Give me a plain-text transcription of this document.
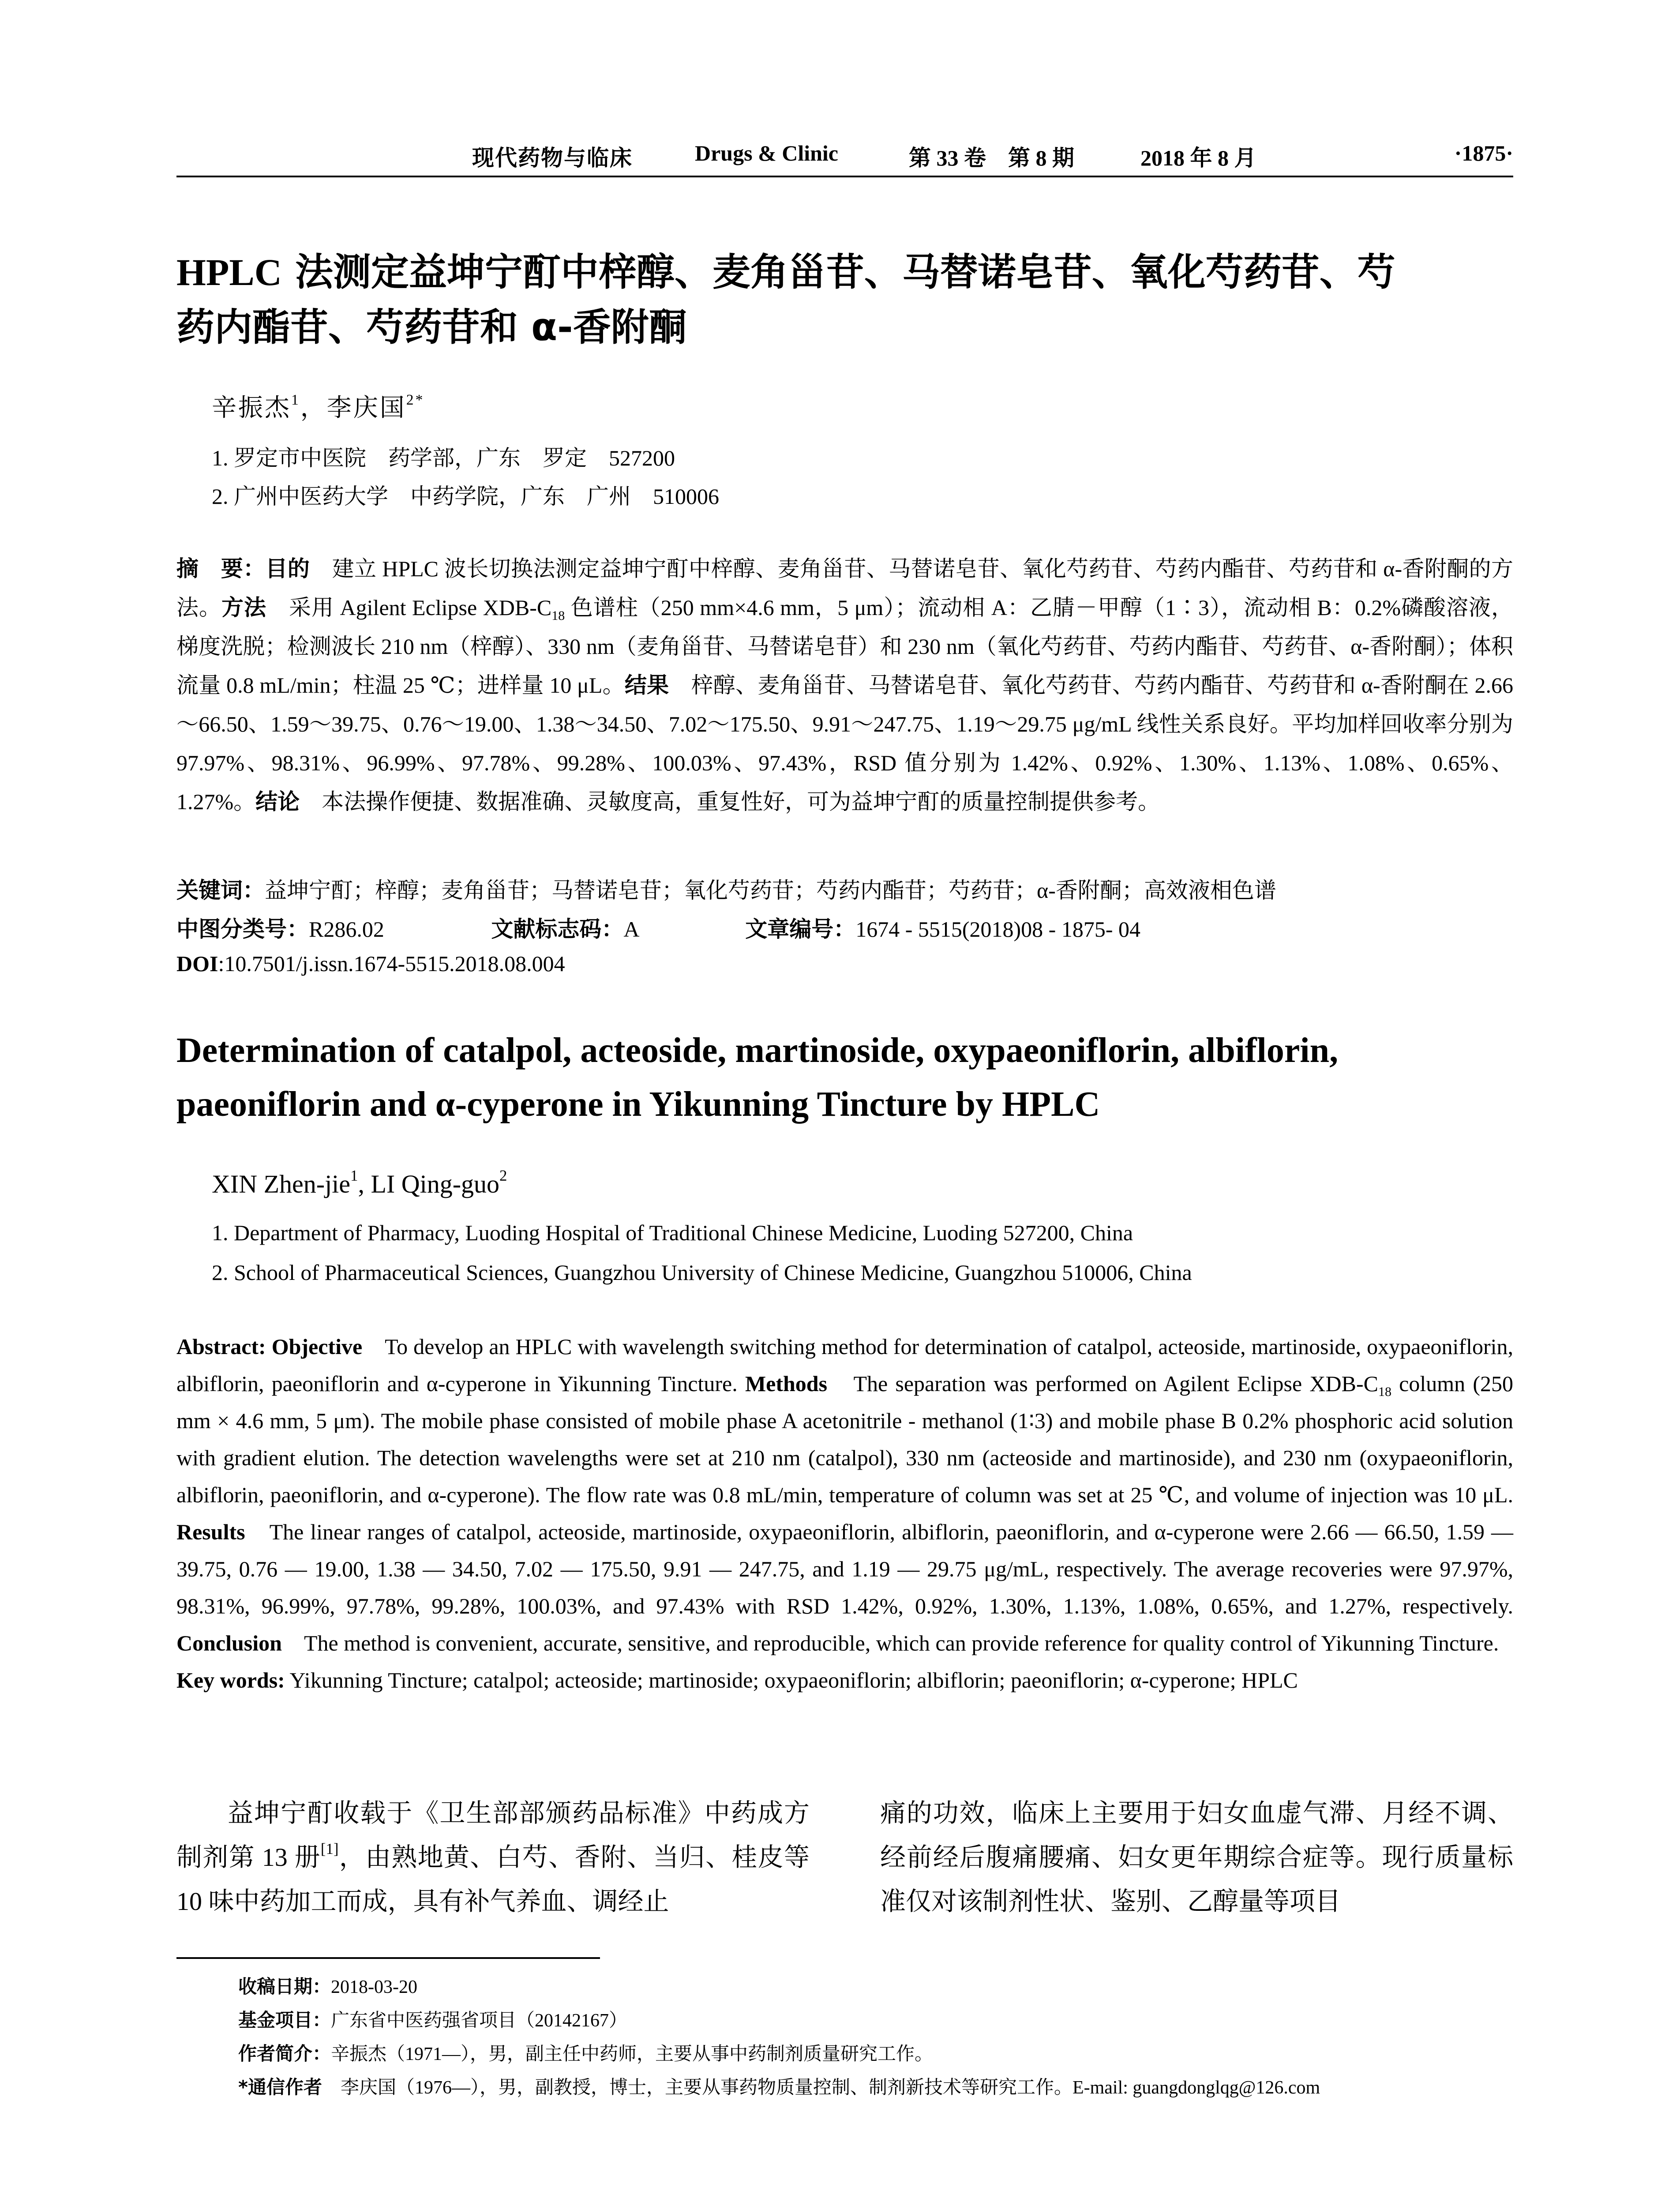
现代药物与临床	Drugs & Clinic	第 33 卷　第 8 期	2018 年 8 月	·1875·
HPLC 法测定益坤宁酊中梓醇、麦角甾苷、马替诺皂苷、氧化芍药苷、芍
药内酯苷、芍药苷和 α-香附酮
辛振杰$^1$，李庆国$^{2*}$
1. 罗定市中医院　药学部，广东　罗定　527200
2. 广州中医药大学　中药学院，广东　广州　510006
摘　要：目的　建立 HPLC 波长切换法测定益坤宁酊中梓醇、麦角甾苷、马替诺皂苷、氧化芍药苷、芍药内酯苷、芍药苷和 α-香附酮的方法。方法　采用 Agilent Eclipse XDB-$C_{18}$ 色谱柱（250 mm×4.6 mm，5 μm）；流动相 A：乙腈－甲醇（1∶3），流动相 B：0.2%磷酸溶液，梯度洗脱；检测波长 210 nm（梓醇）、330 nm（麦角甾苷、马替诺皂苷）和 230 nm（氧化芍药苷、芍药内酯苷、芍药苷、α-香附酮）；体积流量 0.8 mL/min；柱温 25 ℃；进样量 10 μL。结果　梓醇、麦角甾苷、马替诺皂苷、氧化芍药苷、芍药内酯苷、芍药苷和 α-香附酮在 2.66～66.50、1.59～39.75、0.76～19.00、1.38～34.50、7.02～175.50、9.91～247.75、1.19～29.75 μg/mL 线性关系良好。平均加样回收率分别为 97.97%、98.31%、96.99%、97.78%、99.28%、100.03%、97.43%，RSD 值分别为 1.42%、0.92%、1.30%、1.13%、1.08%、0.65%、1.27%。结论　本法操作便捷、数据准确、灵敏度高，重复性好，可为益坤宁酊的质量控制提供参考。
关键词：益坤宁酊；梓醇；麦角甾苷；马替诺皂苷；氧化芍药苷；芍药内酯苷；芍药苷；α-香附酮；高效液相色谱
中图分类号：R286.02	文献标志码：A	文章编号：1674 - 5515(2018)08 - 1875- 04
DOI:10.7501/j.issn.1674-5515.2018.08.004
Determination of catalpol, acteoside, martinoside, oxypaeoniflorin, albiflorin,
paeoniflorin and α-cyperone in Yikunning Tincture by HPLC
XIN Zhen-jie$^1$, LI Qing-guo$^2$
1. Department of Pharmacy, Luoding Hospital of Traditional Chinese Medicine, Luoding 527200, China
2. School of Pharmaceutical Sciences, Guangzhou University of Chinese Medicine, Guangzhou 510006, China
Abstract: Objective　To develop an HPLC with wavelength switching method for determination of catalpol, acteoside, martinoside, oxypaeoniflorin, albiflorin, paeoniflorin and α-cyperone in Yikunning Tincture. Methods　The separation was performed on Agilent Eclipse XDB-$C_{18}$ column (250 mm × 4.6 mm, 5 μm). The mobile phase consisted of mobile phase A acetonitrile - methanol (1∶3) and mobile phase B 0.2% phosphoric acid solution with gradient elution. The detection wavelengths were set at 210 nm (catalpol), 330 nm (acteoside and martinoside), and 230 nm (oxypaeoniflorin, albiflorin, paeoniflorin, and α-cyperone). The flow rate was 0.8 mL/min, temperature of column was set at 25 ℃, and volume of injection was 10 μL. Results　The linear ranges of catalpol, acteoside, martinoside, oxypaeoniflorin, albiflorin, paeoniflorin, and α-cyperone were 2.66 — 66.50, 1.59 — 39.75, 0.76 — 19.00, 1.38 — 34.50, 7.02 — 175.50, 9.91 — 247.75, and 1.19 — 29.75 μg/mL, respectively. The average recoveries were 97.97%, 98.31%, 96.99%, 97.78%, 99.28%, 100.03%, and 97.43% with RSD 1.42%, 0.92%, 1.30%, 1.13%, 1.08%, 0.65%, and 1.27%, respectively. Conclusion　The method is convenient, accurate, sensitive, and reproducible, which can provide reference for quality control of Yikunning Tincture.
Key words: Yikunning Tincture; catalpol; acteoside; martinoside; oxypaeoniflorin; albiflorin; paeoniflorin; α-cyperone; HPLC
益坤宁酊收载于《卫生部部颁药品标准》中药成方制剂第 13 册[1]，由熟地黄、白芍、香附、当归、桂皮等 10 味中药加工而成，具有补气养血、调经止
痛的功效，临床上主要用于妇女血虚气滞、月经不调、经前经后腹痛腰痛、妇女更年期综合症等。现行质量标准仅对该制剂性状、鉴别、乙醇量等项目
收稿日期：2018-03-20
基金项目：广东省中医药强省项目（20142167）
作者简介：辛振杰（1971—），男，副主任中药师，主要从事中药制剂质量研究工作。
*通信作者　李庆国（1976—），男，副教授，博士，主要从事药物质量控制、制剂新技术等研究工作。E-mail: guangdonglqg@126.com
